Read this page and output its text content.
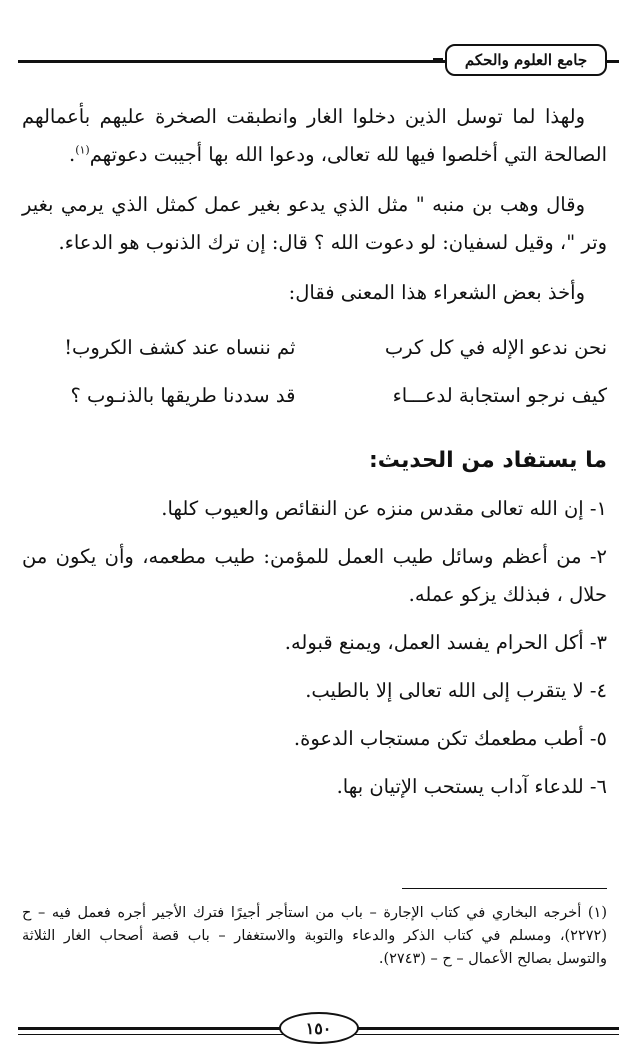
جامع العلوم والحكم

ولهذا لما توسل الذين دخلوا الغار وانطبقت الصخرة عليهم بأعمالهم الصالحة التي أخلصوا فيها لله تعالى، ودعوا الله بها أجيبت دعوتهم$^{(١)}$.

وقال وهب بن منبه " مثل الذي يدعو بغير عمل كمثل الذي يرمي بغير وتر "، وقيل لسفيان: لو دعوت الله ؟ قال: إن ترك الذنوب هو الدعاء.

وأخذ بعض الشعراء هذا المعنى فقال:

نحن ندعو الإله في كل كرب
ثم ننساه عند كشف الكروب!
كيف نرجو استجابة لدعـــاء
قد سددنا طريقها بالذنـوب ؟
ما يستفاد من الحديث:

١- إن الله تعالى مقدس منزه عن النقائص والعيوب كلها.

٢- من أعظم وسائل طيب العمل للمؤمن: طيب مطعمه، وأن يكون من حلال ، فبذلك يزكو عمله.

٣- أكل الحرام يفسد العمل، ويمنع قبوله.

٤- لا يتقرب إلى الله تعالى إلا بالطيب.

٥- أطب مطعمك تكن مستجاب الدعوة.

٦- للدعاء آداب يستحب الإتيان بها.

(١) أخرجه البخاري في كتاب الإجارة – باب من استأجر أجيرًا فترك الأجير أجره فعمل فيه – ح (٢٢٧٢)، ومسلم في كتاب الذكر والدعاء والتوبة والاستغفار – باب قصة أصحاب الغار الثلاثة والتوسل بصالح الأعمال – ح – (٢٧٤٣).
١٥٠
